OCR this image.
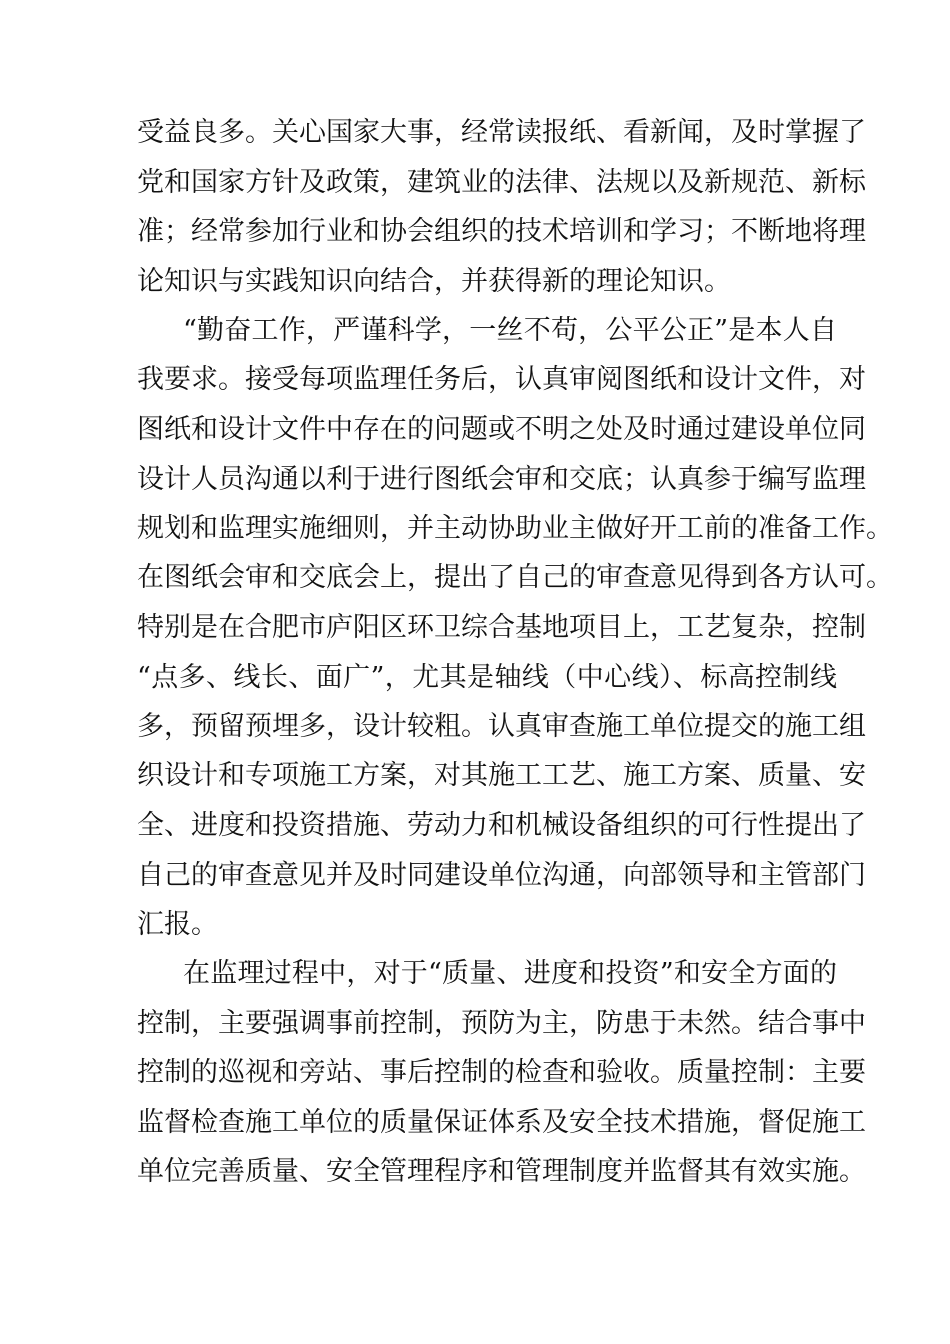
受益良多。关心国家大事，经常读报纸、看新闻，及时掌握了
党和国家方针及政策，建筑业的法律、法规以及新规范、新标
准；经常参加行业和协会组织的技术培训和学习；不断地将理
论知识与实践知识向结合，并获得新的理论知识。
“勤奋工作，严谨科学，一丝不苟，公平公正”是本人自
我要求。接受每项监理任务后，认真审阅图纸和设计文件，对
图纸和设计文件中存在的问题或不明之处及时通过建设单位同
设计人员沟通以利于进行图纸会审和交底；认真参于编写监理
规划和监理实施细则，并主动协助业主做好开工前的准备工作。
在图纸会审和交底会上，提出了自己的审查意见得到各方认可。
特别是在合肥市庐阳区环卫综合基地项目上，工艺复杂，控制
“点多、线长、面广”，尤其是轴线（中心线）、标高控制线
多，预留预埋多，设计较粗。认真审查施工单位提交的施工组
织设计和专项施工方案，对其施工工艺、施工方案、质量、安
全、进度和投资措施、劳动力和机械设备组织的可行性提出了
自己的审查意见并及时同建设单位沟通，向部领导和主管部门
汇报。
在监理过程中，对于“质量、进度和投资”和安全方面的
控制，主要强调事前控制，预防为主，防患于未然。结合事中
控制的巡视和旁站、事后控制的检查和验收。质量控制：主要
监督检查施工单位的质量保证体系及安全技术措施，督促施工
单位完善质量、安全管理程序和管理制度并监督其有效实施。
